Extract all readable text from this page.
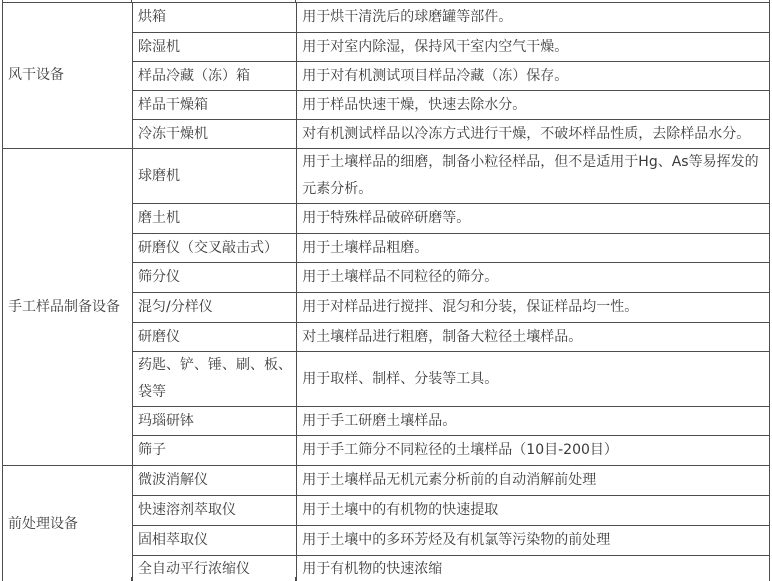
风干设备	烘箱	用于烘干清洗后的球磨罐等部件。
	除湿机	用于对室内除湿，保持风干室内空气干燥。
	样品冷藏（冻）箱	用于对有机测试项目样品冷藏（冻）保存。
	样品干燥箱	用于样品快速干燥，快速去除水分。
	冷冻干燥机	对有机测试样品以冷冻方式进行干燥，不破坏样品性质，去除样品水分。
手工样品制备设备	球磨机	用于土壤样品的细磨，制备小粒径样品，但不是适用于Hg、As等易挥发的元素分析。
	磨土机	用于特殊样品破碎研磨等。
	研磨仪（交叉敲击式）	用于土壤样品粗磨。
	筛分仪	用于土壤样品不同粒径的筛分。
	混匀/分样仪	用于对样品进行搅拌、混匀和分装，保证样品均一性。
	研磨仪	对土壤样品进行粗磨，制备大粒径土壤样品。
	药匙、铲、锤、刷、板、袋等	用于取样、制样、分装等工具。
	玛瑙研钵	用于手工研磨土壤样品。
	筛子	用于手工筛分不同粒径的土壤样品（10目-200目）
前处理设备	微波消解仪	用于土壤样品无机元素分析前的自动消解前处理
	快速溶剂萃取仪	用于土壤中的有机物的快速提取
	固相萃取仪	用于土壤中的多环芳烃及有机氯等污染物的前处理
	全自动平行浓缩仪	用于有机物的快速浓缩
